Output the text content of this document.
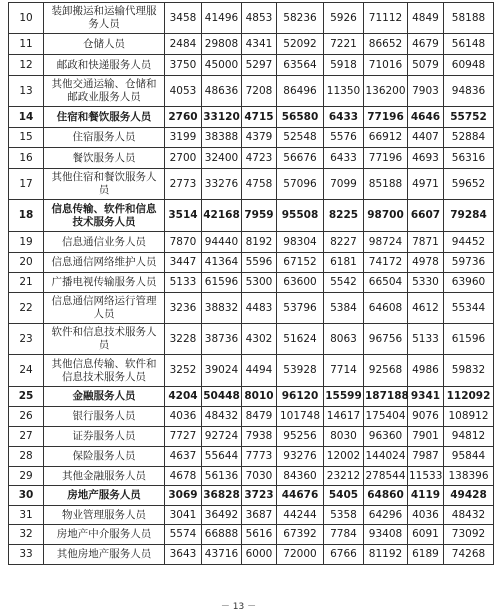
10	装卸搬运和运输代理服务人员	3458	41496	4853	58236	5926	71112	4849	58188
11	仓储人员	2484	29808	4341	52092	7221	86652	4679	56148
12	邮政和快递服务人员	3750	45000	5297	63564	5918	71016	5079	60948
13	其他交通运输、仓储和邮政业服务人员	4053	48636	7208	86496	11350	136200	7903	94836
14	住宿和餐饮服务人员	2760	33120	4715	56580	6433	77196	4646	55752
15	住宿服务人员	3199	38388	4379	52548	5576	66912	4407	52884
16	餐饮服务人员	2700	32400	4723	56676	6433	77196	4693	56316
17	其他住宿和餐饮服务人员	2773	33276	4758	57096	7099	85188	4971	59652
18	信息传输、软件和信息技术服务人员	3514	42168	7959	95508	8225	98700	6607	79284
19	信息通信业务人员	7870	94440	8192	98304	8227	98724	7871	94452
20	信息通信网络维护人员	3447	41364	5596	67152	6181	74172	4978	59736
21	广播电视传输服务人员	5133	61596	5300	63600	5542	66504	5330	63960
22	信息通信网络运行管理人员	3236	38832	4483	53796	5384	64608	4612	55344
23	软件和信息技术服务人员	3228	38736	4302	51624	8063	96756	5133	61596
24	其他信息传输、软件和信息技术服务人员	3252	39024	4494	53928	7714	92568	4986	59832
25	金融服务人员	4204	50448	8010	96120	15599	187188	9341	112092
26	银行服务人员	4036	48432	8479	101748	14617	175404	9076	108912
27	证券服务人员	7727	92724	7938	95256	8030	96360	7901	94812
28	保险服务人员	4637	55644	7773	93276	12002	144024	7987	95844
29	其他金融服务人员	4678	56136	7030	84360	23212	278544	11533	138396
30	房地产服务人员	3069	36828	3723	44676	5405	64860	4119	49428
31	物业管理服务人员	3041	36492	3687	44244	5358	64296	4036	48432
32	房地产中介服务人员	5574	66888	5616	67392	7784	93408	6091	73092
33	其他房地产服务人员	3643	43716	6000	72000	6766	81192	6189	74268
－ 13 －
